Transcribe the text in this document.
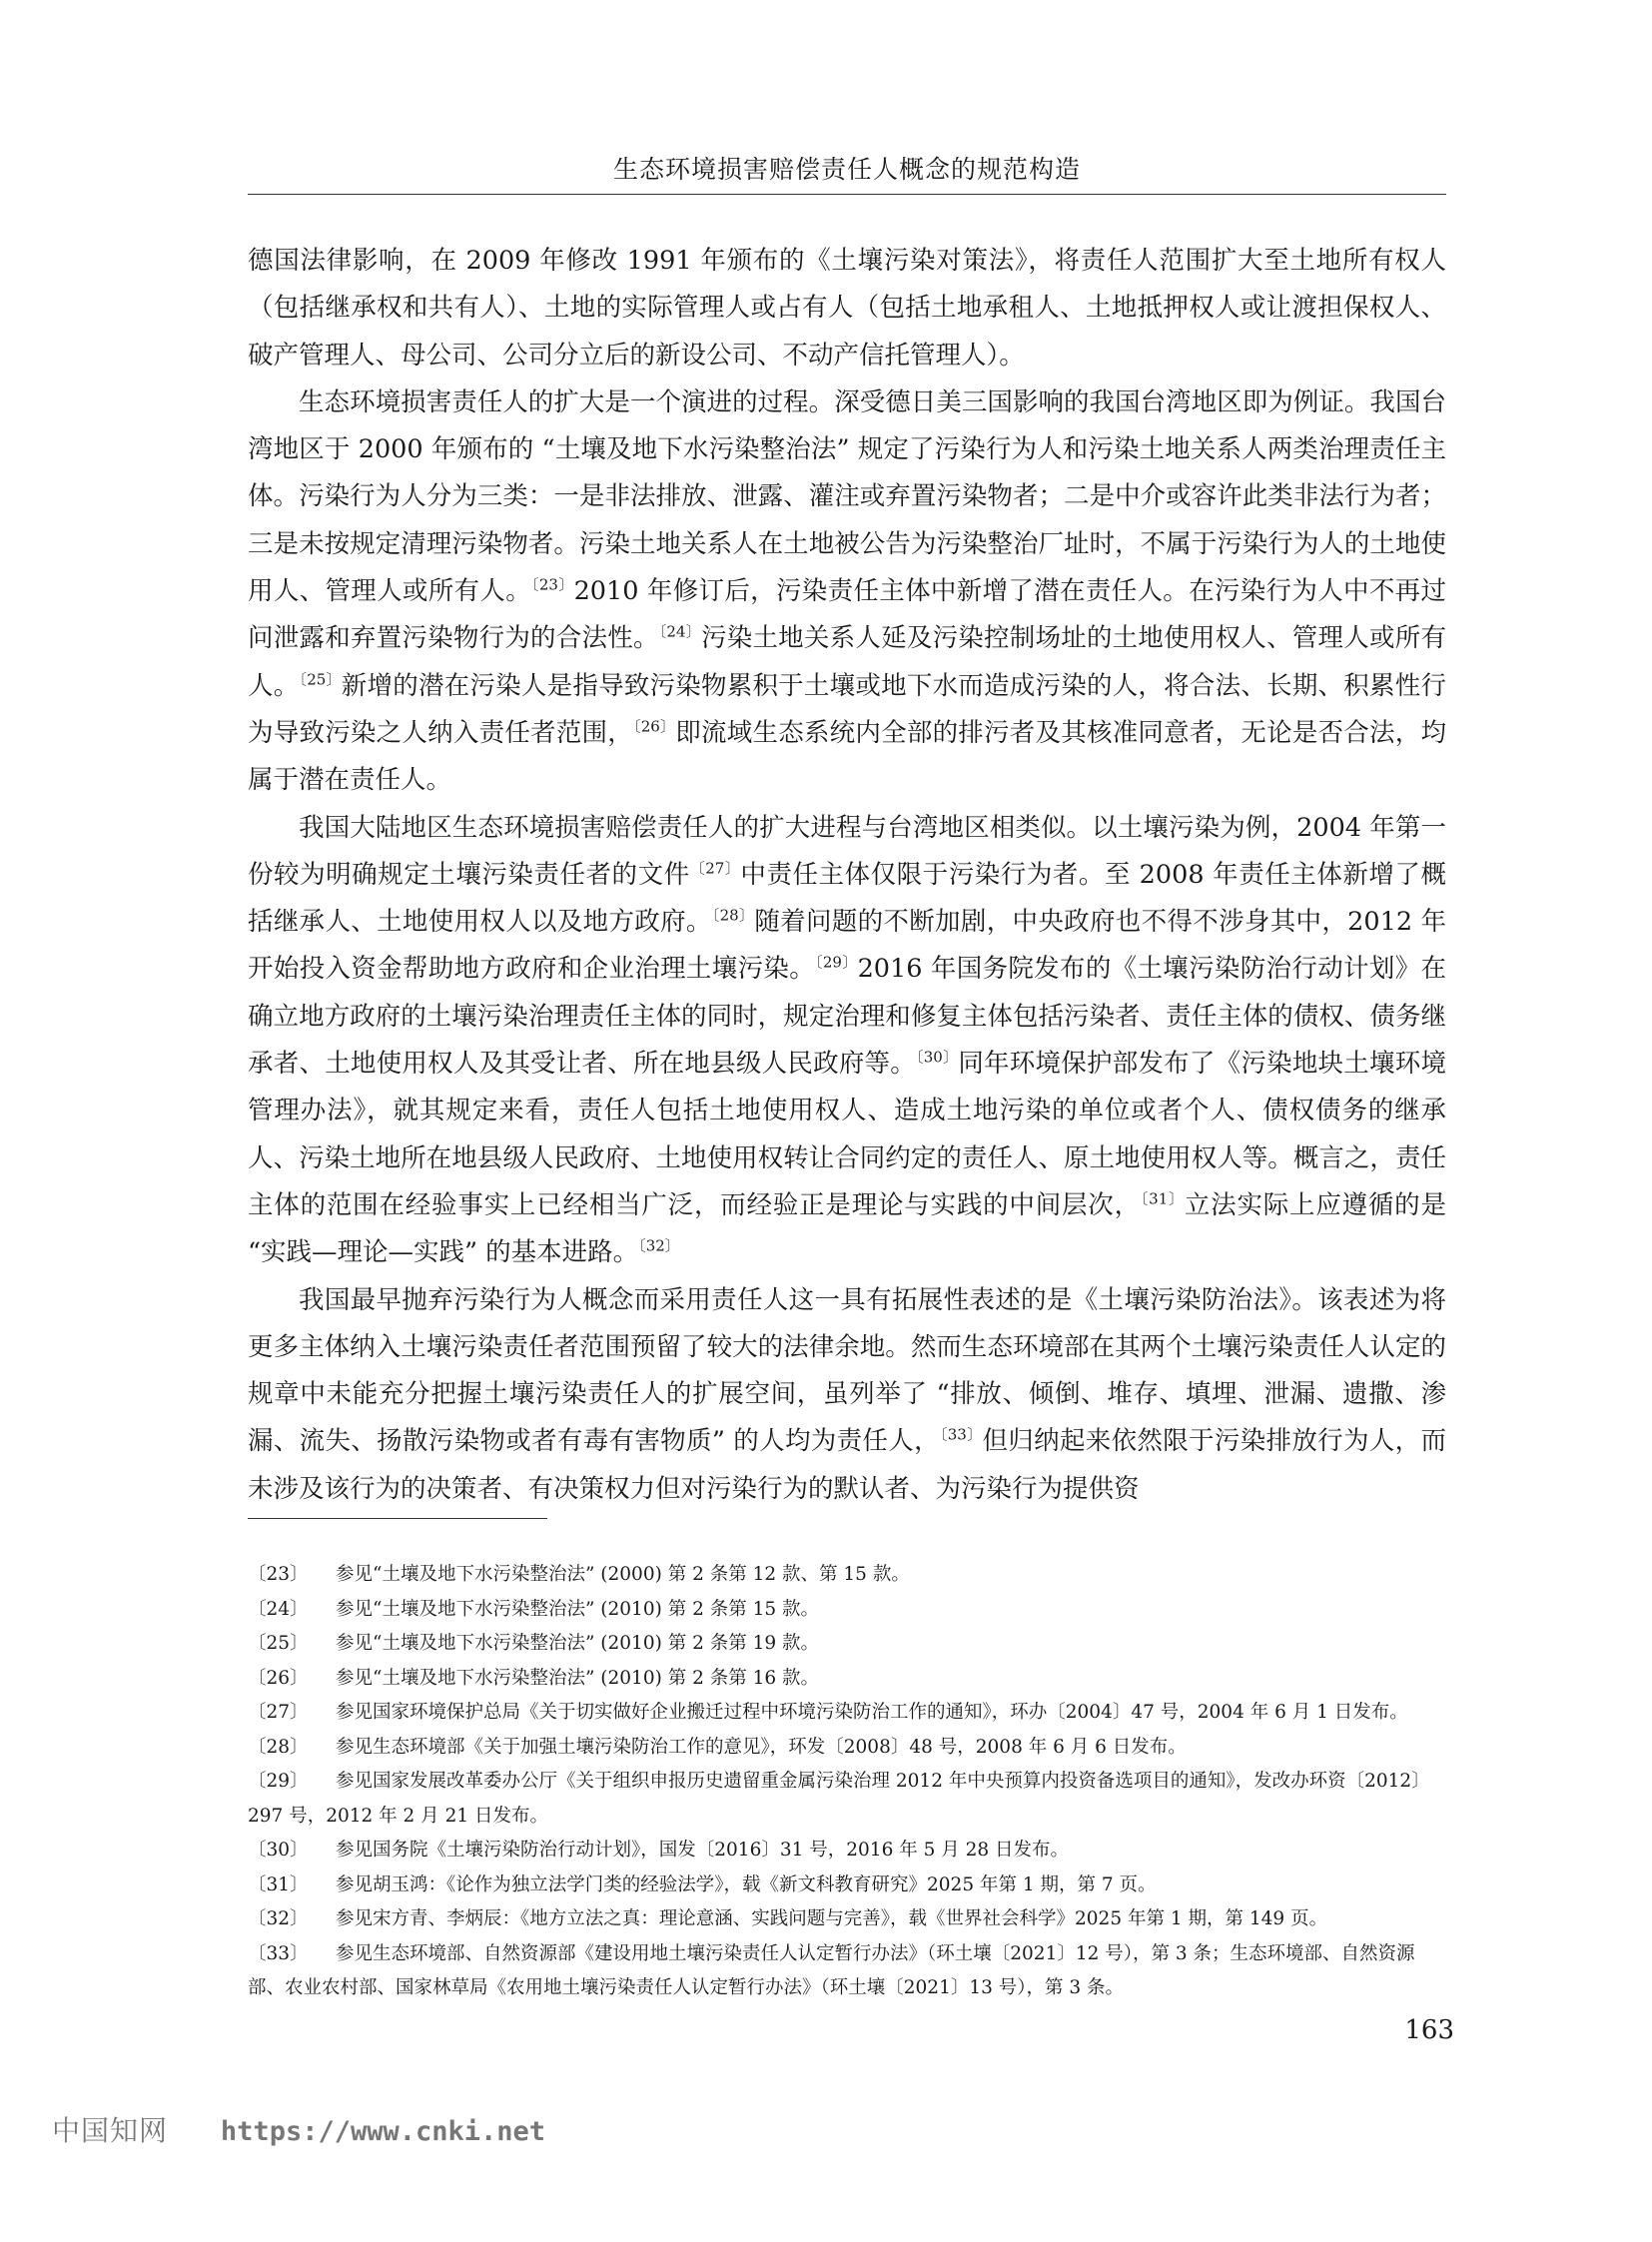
生态环境损害赔偿责任人概念的规范构造

德国法律影响，在 2009 年修改 1991 年颁布的《土壤污染对策法》，将责任人范围扩大至土地所有权人（包括继承权和共有人）、土地的实际管理人或占有人（包括土地承租人、土地抵押权人或让渡担保权人、破产管理人、母公司、公司分立后的新设公司、不动产信托管理人）。

生态环境损害责任人的扩大是一个演进的过程。深受德日美三国影响的我国台湾地区即为例证。我国台湾地区于 2000 年颁布的 “土壤及地下水污染整治法” 规定了污染行为人和污染土地关系人两类治理责任主体。污染行为人分为三类：一是非法排放、泄露、灌注或弃置污染物者；二是中介或容许此类非法行为者；三是未按规定清理污染物者。污染土地关系人在土地被公告为污染整治厂址时，不属于污染行为人的土地使用人、管理人或所有人。$^{〔23〕}$2010 年修订后，污染责任主体中新增了潜在责任人。在污染行为人中不再过问泄露和弃置污染物行为的合法性。$^{〔24〕}$污染土地关系人延及污染控制场址的土地使用权人、管理人或所有人。$^{〔25〕}$新增的潜在污染人是指导致污染物累积于土壤或地下水而造成污染的人，将合法、长期、积累性行为导致污染之人纳入责任者范围，$^{〔26〕}$即流域生态系统内全部的排污者及其核准同意者，无论是否合法，均属于潜在责任人。

我国大陆地区生态环境损害赔偿责任人的扩大进程与台湾地区相类似。以土壤污染为例，2004 年第一份较为明确规定土壤污染责任者的文件$^{〔27〕}$中责任主体仅限于污染行为者。至 2008 年责任主体新增了概括继承人、土地使用权人以及地方政府。$^{〔28〕}$随着问题的不断加剧，中央政府也不得不涉身其中，2012 年开始投入资金帮助地方政府和企业治理土壤污染。$^{〔29〕}$2016 年国务院发布的《土壤污染防治行动计划》在确立地方政府的土壤污染治理责任主体的同时，规定治理和修复主体包括污染者、责任主体的债权、债务继承者、土地使用权人及其受让者、所在地县级人民政府等。$^{〔30〕}$同年环境保护部发布了《污染地块土壤环境管理办法》，就其规定来看，责任人包括土地使用权人、造成土地污染的单位或者个人、债权债务的继承人、污染土地所在地县级人民政府、土地使用权转让合同约定的责任人、原土地使用权人等。概言之，责任主体的范围在经验事实上已经相当广泛，而经验正是理论与实践的中间层次，$^{〔31〕}$立法实际上应遵循的是 “实践—理论—实践” 的基本进路。$^{〔32〕}$

我国最早抛弃污染行为人概念而采用责任人这一具有拓展性表述的是《土壤污染防治法》。该表述为将更多主体纳入土壤污染责任者范围预留了较大的法律余地。然而生态环境部在其两个土壤污染责任人认定的规章中未能充分把握土壤污染责任人的扩展空间，虽列举了 “排放、倾倒、堆存、填埋、泄漏、遗撒、渗漏、流失、扬散污染物或者有毒有害物质” 的人均为责任人，$^{〔33〕}$但归纳起来依然限于污染排放行为人，而未涉及该行为的决策者、有决策权力但对污染行为的默认者、为污染行为提供资

〔23〕 参见“土壤及地下水污染整治法” (2000) 第 2 条第 12 款、第 15 款。

〔24〕 参见“土壤及地下水污染整治法” (2010) 第 2 条第 15 款。

〔25〕 参见“土壤及地下水污染整治法” (2010) 第 2 条第 19 款。

〔26〕 参见“土壤及地下水污染整治法” (2010) 第 2 条第 16 款。

〔27〕 参见国家环境保护总局《关于切实做好企业搬迁过程中环境污染防治工作的通知》，环办〔2004〕47 号，2004 年 6 月 1 日发布。

〔28〕 参见生态环境部《关于加强土壤污染防治工作的意见》，环发〔2008〕48 号，2008 年 6 月 6 日发布。

〔29〕 参见国家发展改革委办公厅《关于组织申报历史遗留重金属污染治理 2012 年中央预算内投资备选项目的通知》，发改办环资〔2012〕297 号，2012 年 2 月 21 日发布。

〔30〕 参见国务院《土壤污染防治行动计划》，国发〔2016〕31 号，2016 年 5 月 28 日发布。

〔31〕 参见胡玉鸿：《论作为独立法学门类的经验法学》，载《新文科教育研究》2025 年第 1 期，第 7 页。

〔32〕 参见宋方青、李炳辰：《地方立法之真：理论意涵、实践问题与完善》，载《世界社会科学》2025 年第 1 期，第 149 页。

〔33〕 参见生态环境部、自然资源部《建设用地土壤污染责任人认定暂行办法》（环土壤〔2021〕12 号），第 3 条；生态环境部、自然资源部、农业农村部、国家林草局《农用地土壤污染责任人认定暂行办法》（环土壤〔2021〕13 号），第 3 条。

163
中国知网 https://www.cnki.net
